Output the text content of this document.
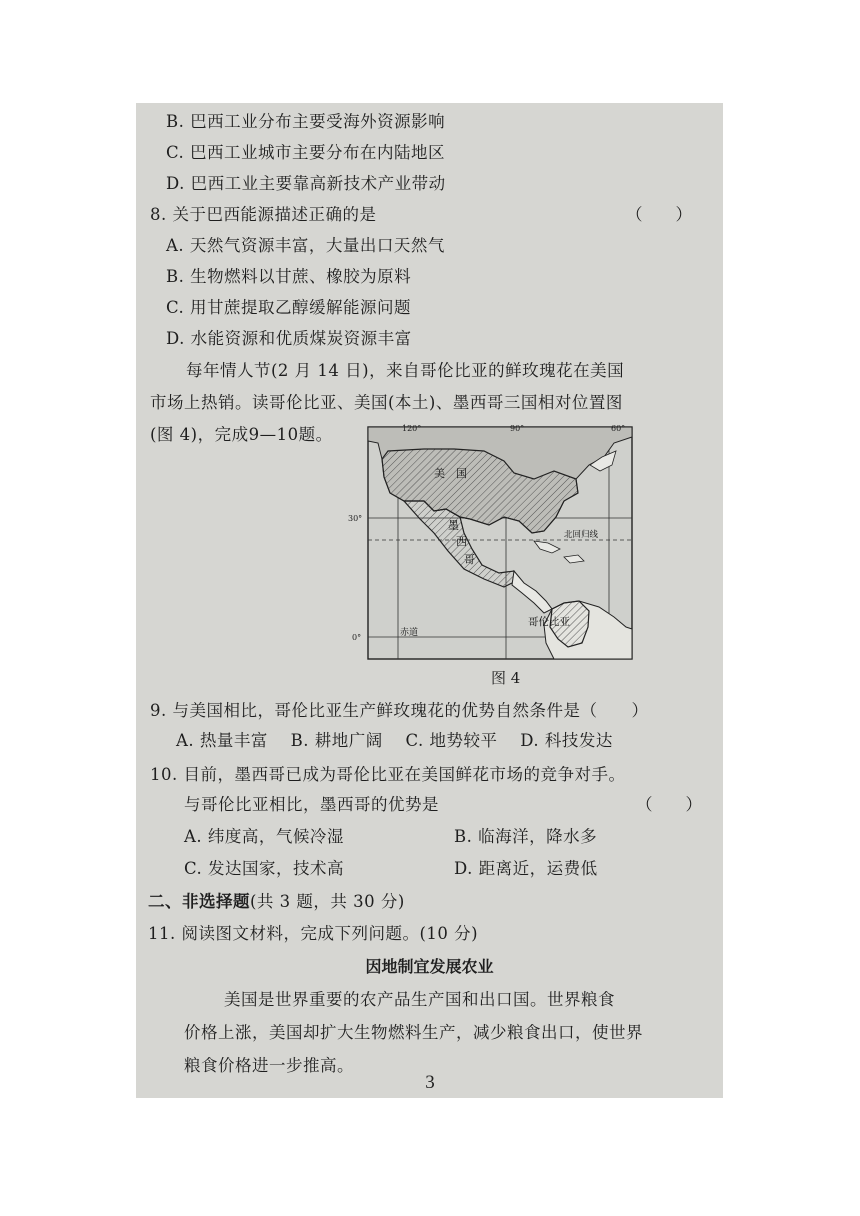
B. 巴西工业分布主要受海外资源影响
C. 巴西工业城市主要分布在内陆地区
D. 巴西工业主要靠高新技术产业带动
8. 关于巴西能源描述正确的是	（　　）
A. 天然气资源丰富，大量出口天然气
B. 生物燃料以甘蔗、橡胶为原料
C. 用甘蔗提取乙醇缓解能源问题
D. 水能资源和优质煤炭资源丰富
每年情人节(2 月 14 日)，来自哥伦比亚的鲜玫瑰花在美国
市场上热销。读哥伦比亚、美国(本土)、墨西哥三国相对位置图
(图 4)，完成9—10题。	120°	90°	60°
30°
0°
美　国
墨
西
哥
北回归线
哥伦比亚
赤道
图 4
9. 与美国相比，哥伦比亚生产鲜玫瑰花的优势自然条件是（　　）
A. 热量丰富　 B. 耕地广阔　 C. 地势较平　 D. 科技发达
10. 目前，墨西哥已成为哥伦比亚在美国鲜花市场的竞争对手。
与哥伦比亚相比，墨西哥的优势是	（　　）
A. 纬度高，气候冷湿	B. 临海洋，降水多
C. 发达国家，技术高	D. 距离近，运费低
二、非选择题(共 3 题，共 30 分)
11. 阅读图文材料，完成下列问题。(10 分)
因地制宜发展农业
美国是世界重要的农产品生产国和出口国。世界粮食
价格上涨，美国却扩大生物燃料生产，减少粮食出口，使世界
粮食价格进一步推高。
3
